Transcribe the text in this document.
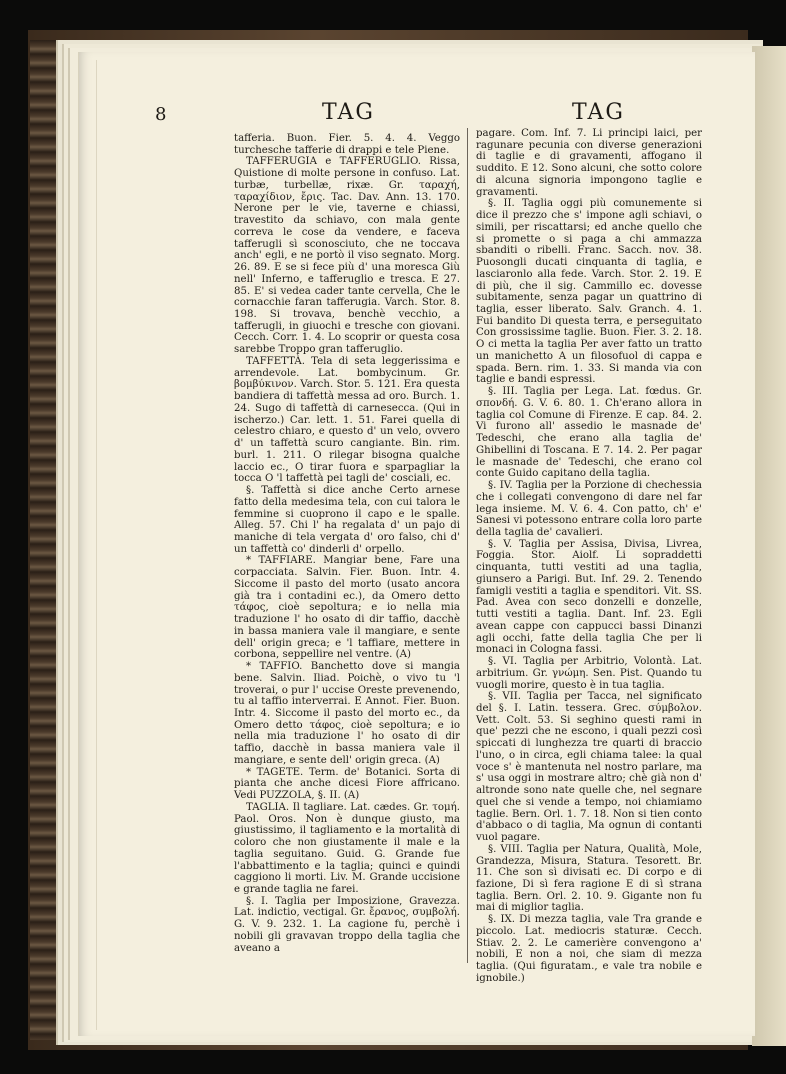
8	TAG	TAG

tafferia. Buon. Fier. 5. 4. 4. Veggo turchesche tafferie di drappi e tele Piene.

TAFFERUGIA e TAFFERUGLIO. Rissa, Quistione di molte persone in confuso. Lat. turbæ, turbellæ, rixæ. Gr. ταραχή, ταραχίδιον, ἔρις. Tac. Dav. Ann. 13. 170. Nerone per le vie, taverne e chiassi, travestito da schiavo, con mala gente correva le cose da vendere, e faceva tafferugli sì sconosciuto, che ne toccava anch' egli, e ne portò il viso segnato. Morg. 26. 89. E se si fece più d' una moresca Giù nell' Inferno, e tafferuglio e tresca. E 27. 85. E' si vedea cader tante cervella, Che le cornacchie faran tafferugia. Varch. Stor. 8. 198. Si trovava, benchè vecchio, a tafferugli, in giuochi e tresche con giovani. Cecch. Corr. 1. 4. Lo scoprir or questa cosa sarebbe Troppo gran tafferuglio.

TAFFETTÀ. Tela di seta leggerissima e arrendevole. Lat. bombycinum. Gr. βομβύκινον. Varch. Stor. 5. 121. Era questa bandiera di taffettà messa ad oro. Burch. 1. 24. Sugo di taffettà di carnesecca. (Qui in ischerzo.) Car. lett. 1. 51. Farei quella di celestro chiaro, e questo d' un velo, ovvero d' un taffettà scuro cangiante. Bin. rim. burl. 1. 211. O rilegar bisogna qualche laccio ec., O tirar fuora e sparpagliar la tocca O 'l taffettà pei tagli de' cosciali, ec.

§. Taffettà si dice anche Certo arnese fatto della medesima tela, con cui talora le femmine si cuoprono il capo e le spalle. Alleg. 57. Chi l' ha regalata d' un pajo di maniche di tela vergata d' oro falso, chi d' un taffettà co' dinderli d' orpello.

* TAFFIARE. Mangiar bene, Fare una corpacciata. Salvin. Fier. Buon. Intr. 4. Siccome il pasto del morto (usato ancora già tra i contadini ec.), da Omero detto τάφος, cioè sepoltura; e io nella mia traduzione l' ho osato di dir taffio, dacchè in bassa maniera vale il mangiare, e sente dell' origin greca; e 'l taffiare, mettere in corbona, seppellire nel ventre. (A)

* TAFFIO. Banchetto dove si mangia bene. Salvin. Iliad. Poichè, o vivo tu 'l troverai, o pur l' uccise Oreste prevenendo, tu al taffio interverrai. E Annot. Fier. Buon. Intr. 4. Siccome il pasto del morto ec., da Omero detto τάφος, cioè sepoltura; e io nella mia traduzione l' ho osato di dir taffio, dacchè in bassa maniera vale il mangiare, e sente dell' origin greca. (A)

* TAGETE. Term. de' Botanici. Sorta di pianta che anche dicesi Fiore affricano. Vedi PUZZOLA, §. II. (A)

TAGLIA. Il tagliare. Lat. cædes. Gr. τομή. Paol. Oros. Non è dunque giusto, ma giustissimo, il tagliamento e la mortalità di coloro che non giustamente il male e la taglia seguitano. Guid. G. Grande fue l'abbattimento e la taglia; quinci e quindi caggiono li morti. Liv. M. Grande uccisione e grande taglia ne farei.

§. I. Taglia per Imposizione, Gravezza. Lat. indictio, vectigal. Gr. ἔρανος, συμβολή. G. V. 9. 232. 1. La cagione fu, perchè i nobili gli gravavan troppo della taglia che aveano a

pagare. Com. Inf. 7. Li principi laici, per ragunare pecunia con diverse generazioni di taglie e di gravamenti, affogano il suddito. E 12. Sono alcuni, che sotto colore di alcuna signoria impongono taglie e gravamenti.

§. II. Taglia oggi più comunemente si dice il prezzo che s' impone agli schiavi, o simili, per riscattarsi; ed anche quello che si promette o si paga a chi ammazza sbanditi o ribelli. Franc. Sacch. nov. 38. Puosongli ducati cinquanta di taglia, e lasciaronlo alla fede. Varch. Stor. 2. 19. E di più, che il sig. Cammillo ec. dovesse subitamente, senza pagar un quattrino di taglia, esser liberato. Salv. Granch. 4. 1. Fui bandito Di questa terra, e perseguitato Con grossissime taglie. Buon. Fier. 3. 2. 18. O ci metta la taglia Per aver fatto un tratto un manichetto A un filosofuol di cappa e spada. Bern. rim. 1. 33. Si manda via con taglie e bandi espressi.

§. III. Taglia per Lega. Lat. fœdus. Gr. σπονδή. G. V. 6. 80. 1. Ch'erano allora in taglia col Comune di Firenze. E cap. 84. 2. Vi furono all' assedio le masnade de' Tedeschi, che erano alla taglia de' Ghibellini di Toscana. E 7. 14. 2. Per pagar le masnade de' Tedeschi, che erano col conte Guido capitano della taglia.

§. IV. Taglia per la Porzione di chechessia che i collegati convengono di dare nel far lega insieme. M. V. 6. 4. Con patto, ch' e' Sanesi vi potessono entrare colla loro parte della taglia de' cavalieri.

§. V. Taglia per Assisa, Divisa, Livrea, Foggia. Stor. Aiolf. Li sopraddetti cinquanta, tutti vestiti ad una taglia, giunsero a Parigi. But. Inf. 29. 2. Tenendo famigli vestiti a taglia e spenditori. Vit. SS. Pad. Avea con seco donzelli e donzelle, tutti vestiti a taglia. Dant. Inf. 23. Egli avean cappe con cappucci bassi Dinanzi agli occhi, fatte della taglia Che per li monaci in Cologna fassi.

§. VI. Taglia per Arbitrio, Volontà. Lat. arbitrium. Gr. γνώμη. Sen. Pist. Quando tu vuogli morire, questo è in tua taglia.

§. VII. Taglia per Tacca, nel significato del §. I. Latin. tessera. Grec. σύμβολον. Vett. Colt. 53. Si seghino questi rami in que' pezzi che ne escono, i quali pezzi così spiccati di lunghezza tre quarti di braccio l'uno, o in circa, egli chiama talee: la qual voce s' è mantenuta nel nostro parlare, ma s' usa oggi in mostrare altro; chè già non d' altronde sono nate quelle che, nel segnare quel che si vende a tempo, noi chiamiamo taglie. Bern. Orl. 1. 7. 18. Non si tien conto d'abbaco o di taglia, Ma ognun di contanti vuol pagare.

§. VIII. Taglia per Natura, Qualità, Mole, Grandezza, Misura, Statura. Tesorett. Br. 11. Che son sì divisati ec. Di corpo e di fazione, Di sì fera ragione E di sì strana taglia. Bern. Orl. 2. 10. 9. Gigante non fu mai di miglior taglia.

§. IX. Di mezza taglia, vale Tra grande e piccolo. Lat. mediocris staturæ. Cecch. Stiav. 2. 2. Le camerière convengono a' nobili, E non a noi, che siam di mezza taglia. (Qui figuratam., e vale tra nobile e ignobile.)
